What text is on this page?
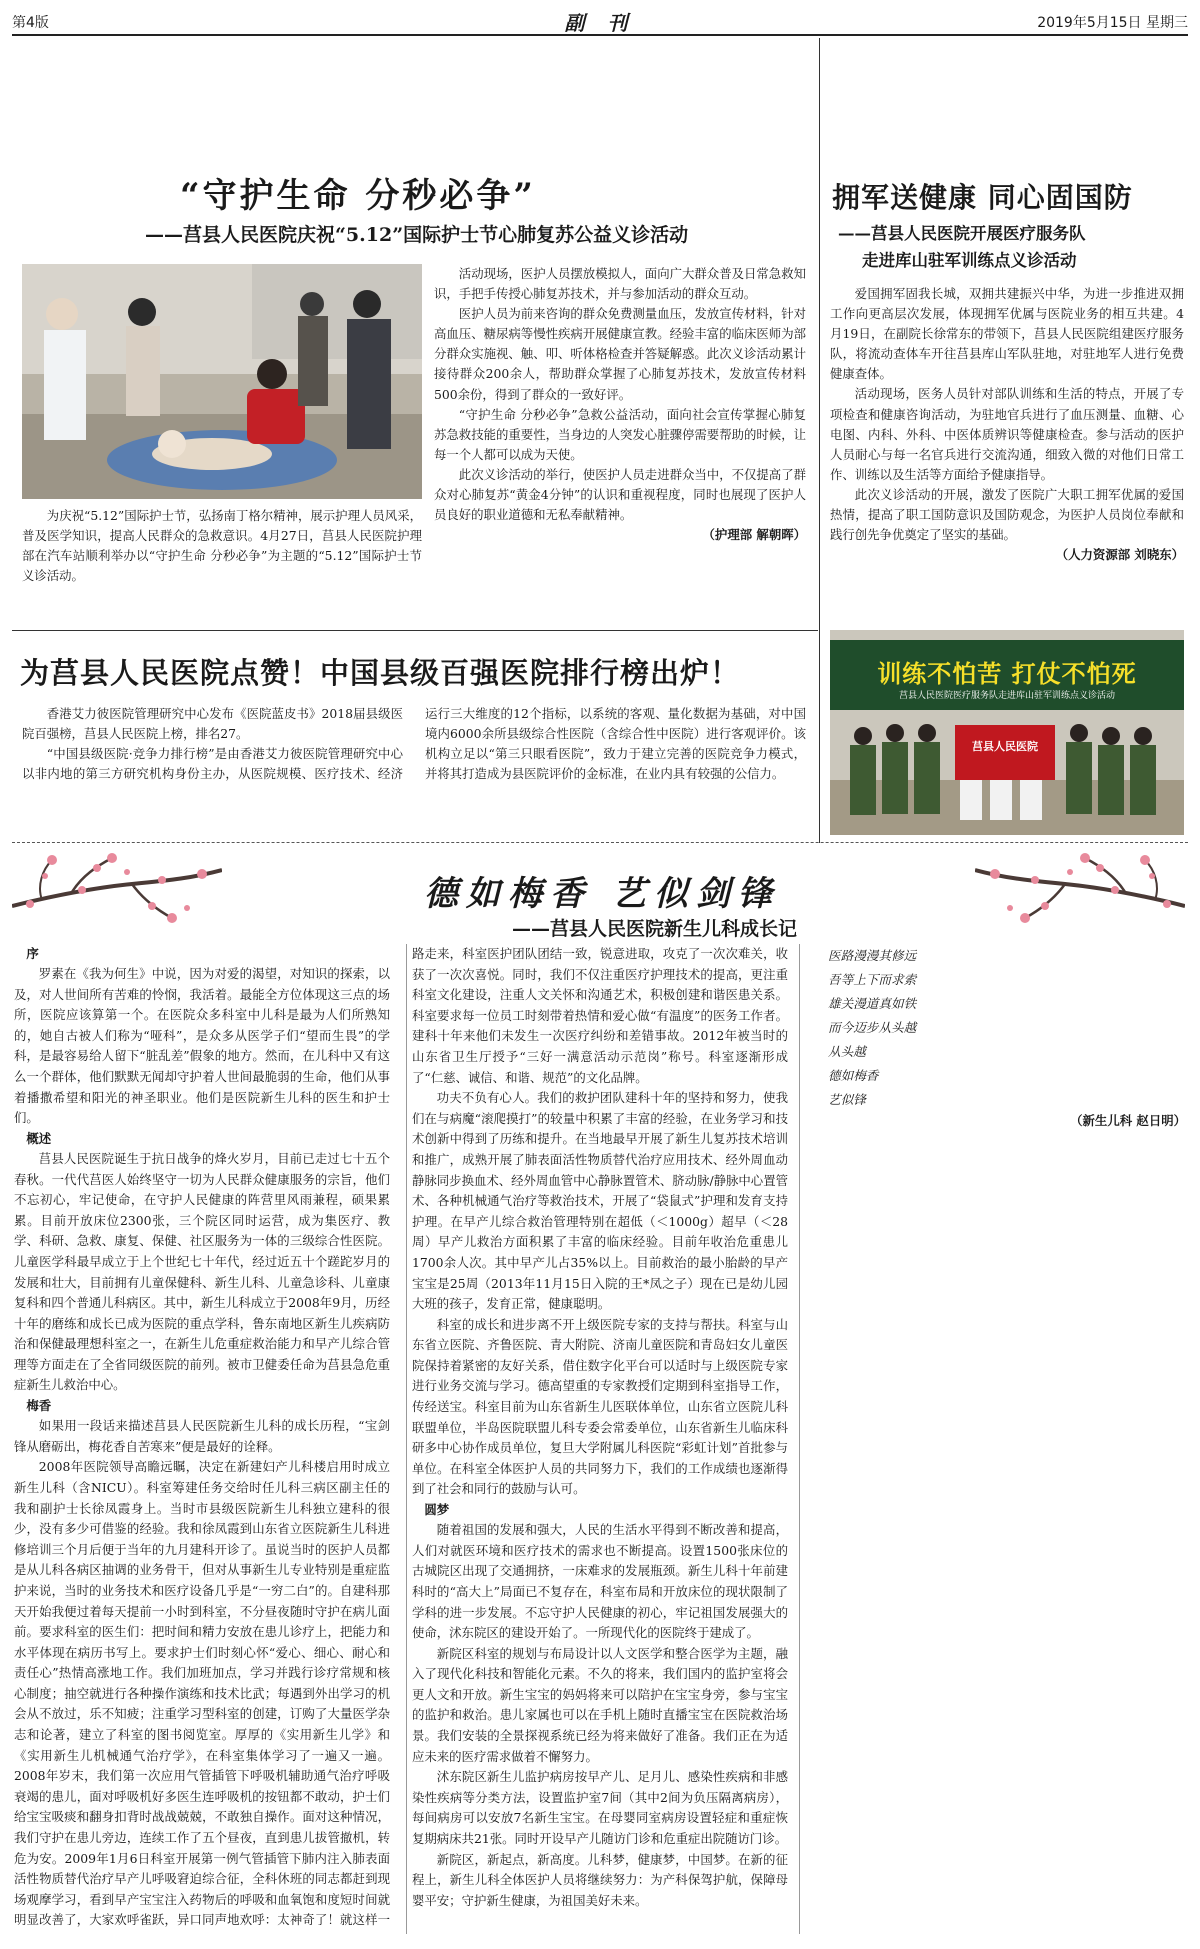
第4版	副 刊	2019年5月15日 星期三
“守护生命 分秒必争”
——莒县人民医院庆祝“5.12”国际护士节心肺复苏公益义诊活动

为庆祝“5.12”国际护士节，弘扬南丁格尔精神，展示护理人员风采，普及医学知识，提高人民群众的急救意识。4月27日，莒县人民医院护理部在汽车站顺利举办以“守护生命 分秒必争”为主题的“5.12”国际护士节义诊活动。

活动现场，医护人员摆放模拟人，面向广大群众普及日常急救知识，手把手传授心肺复苏技术，并与参加活动的群众互动。

医护人员为前来咨询的群众免费测量血压，发放宣传材料，针对高血压、糖尿病等慢性疾病开展健康宣教。经验丰富的临床医师为部分群众实施视、触、叩、听体格检查并答疑解惑。此次义诊活动累计接待群众200余人，帮助群众掌握了心肺复苏技术，发放宣传材料500余份，得到了群众的一致好评。

“守护生命 分秒必争”急救公益活动，面向社会宣传掌握心肺复苏急救技能的重要性，当身边的人突发心脏骤停需要帮助的时候，让每一个人都可以成为天使。

此次义诊活动的举行，使医护人员走进群众当中，不仅提高了群众对心肺复苏“黄金4分钟”的认识和重视程度，同时也展现了医护人员良好的职业道德和无私奉献精神。

（护理部 解朝晖）
为莒县人民医院点赞！中国县级百强医院排行榜出炉！

香港艾力彼医院管理研究中心发布《医院蓝皮书》2018届县级医院百强榜，莒县人民医院上榜，排名27。

“中国县级医院·竞争力排行榜”是由香港艾力彼医院管理研究中心以非内地的第三方研究机构身份主办，从医院规模、医疗技术、经济运行三大维度的12个指标，以系统的客观、量化数据为基础，对中国境内6000余所县级综合性医院（含综合性中医院）进行客观评价。该机构立足以“第三只眼看医院”，致力于建立完善的医院竞争力模式，并将其打造成为县医院评价的金标准，在业内具有较强的公信力。

拥军送健康 同心固国防
——莒县人民医院开展医疗服务队
走进库山驻军训练点义诊活动

爱国拥军固我长城，双拥共建振兴中华，为进一步推进双拥工作向更高层次发展，体现拥军优属与医院业务的相互共建。4月19日，在副院长徐常东的带领下，莒县人民医院组建医疗服务队，将流动查体车开往莒县库山军队驻地，对驻地军人进行免费健康查体。

活动现场，医务人员针对部队训练和生活的特点，开展了专项检查和健康咨询活动，为驻地官兵进行了血压测量、血糖、心电图、内科、外科、中医体质辨识等健康检查。参与活动的医护人员耐心与每一名官兵进行交流沟通，细致入微的对他们日常工作、训练以及生活等方面给予健康指导。

此次义诊活动的开展，激发了医院广大职工拥军优属的爱国热情，提高了职工国防意识及国防观念，为医护人员岗位奉献和践行创先争优奠定了坚实的基础。

（人力资源部 刘晓东）
训练不怕苦 打仗不怕死
莒县人民医院医疗服务队走进库山驻军训练点义诊活动
莒县人民医院
德如梅香 艺似剑锋
——莒县人民医院新生儿科成长记
序

罗素在《我为何生》中说，因为对爱的渴望，对知识的探索，以及，对人世间所有苦难的怜悯，我活着。最能全方位体现这三点的场所，医院应该算第一个。在医院众多科室中儿科是最为人们所熟知的，她自古被人们称为“哑科”，是众多从医学子们“望而生畏”的学科，是最容易给人留下“脏乱差”假象的地方。然而，在儿科中又有这么一个群体，他们默默无闻却守护着人世间最脆弱的生命，他们从事着播撒希望和阳光的神圣职业。他们是医院新生儿科的医生和护士们。

概述

莒县人民医院诞生于抗日战争的烽火岁月，目前已走过七十五个春秋。一代代莒医人始终坚守一切为人民群众健康服务的宗旨，他们不忘初心，牢记使命，在守护人民健康的阵营里风雨兼程，硕果累累。目前开放床位2300张，三个院区同时运营，成为集医疗、教学、科研、急救、康复、保健、社区服务为一体的三级综合性医院。儿童医学科最早成立于上个世纪七十年代，经过近五十个蹉跎岁月的发展和壮大，目前拥有儿童保健科、新生儿科、儿童急诊科、儿童康复科和四个普通儿科病区。其中，新生儿科成立于2008年9月，历经十年的磨练和成长已成为医院的重点学科，鲁东南地区新生儿疾病防治和保健最理想科室之一，在新生儿危重症救治能力和早产儿综合管理等方面走在了全省同级医院的前列。被市卫健委任命为莒县急危重症新生儿救治中心。

梅香

如果用一段话来描述莒县人民医院新生儿科的成长历程，“宝剑锋从磨砺出，梅花香自苦寒来”便是最好的诠释。

2008年医院领导高瞻远瞩，决定在新建妇产儿科楼启用时成立新生儿科（含NICU）。科室筹建任务交给时任儿科三病区副主任的我和副护士长徐凤霞身上。当时市县级医院新生儿科独立建科的很少，没有多少可借鉴的经验。我和徐凤霞到山东省立医院新生儿科进修培训三个月后便于当年的九月建科开诊了。虽说当时的医护人员都是从儿科各病区抽调的业务骨干，但对从事新生儿专业特别是重症监护来说，当时的业务技术和医疗设备几乎是“一穷二白”的。自建科那天开始我便过着每天提前一小时到科室，不分昼夜随时守护在病儿面前。要求科室的医生们：把时间和精力安放在患儿诊疗上，把能力和水平体现在病历书写上。要求护士们时刻心怀“爱心、细心、耐心和责任心”热情高涨地工作。我们加班加点，学习并践行诊疗常规和核心制度；抽空就进行各种操作演练和技术比武；每遇到外出学习的机会从不放过，乐不知疲；注重学习型科室的创建，订购了大量医学杂志和论著，建立了科室的图书阅览室。厚厚的《实用新生儿学》和《实用新生儿机械通气治疗学》，在科室集体学习了一遍又一遍。2008年岁末，我们第一次应用气管插管下呼吸机辅助通气治疗呼吸衰竭的患儿，面对呼吸机好多医生连呼吸机的按钮都不敢动，护士们给宝宝吸痰和翻身扣背时战战兢兢，不敢独自操作。面对这种情况，我们守护在患儿旁边，连续工作了五个昼夜，直到患儿拔管撤机，转危为安。2009年1月6日科室开展第一例气管插管下肺内注入肺表面活性物质替代治疗早产儿呼吸窘迫综合征，全科休班的同志都赶到现场观摩学习，看到早产宝宝注入药物后的呼吸和血氧饱和度短时间就明显改善了，大家欢呼雀跃，异口同声地欢呼：太神奇了！就这样一路走来，科室医护团队团结一致，锐意进取，攻克了一次次难关，收获了一次次喜悦。同时，我们不仅注重医疗护理技术的提高，更注重科室文化建设，注重人文关怀和沟通艺术，积极创建和谐医患关系。科室要求每一位员工时刻带着热情和爱心做“有温度”的医务工作者。建科十年来他们未发生一次医疗纠纷和差错事故。2012年被当时的山东省卫生厅授予“三好一满意活动示范岗”称号。科室逐渐形成了“仁慈、诚信、和谐、规范”的文化品牌。

功夫不负有心人。我们的救护团队建科十年的坚持和努力，使我们在与病魔“滚爬摸打”的较量中积累了丰富的经验，在业务学习和技术创新中得到了历练和提升。在当地最早开展了新生儿复苏技术培训和推广，成熟开展了肺表面活性物质替代治疗应用技术、经外周血动静脉同步换血术、经外周血管中心静脉置管术、脐动脉/静脉中心置管术、各种机械通气治疗等救治技术，开展了“袋鼠式”护理和发育支持护理。在早产儿综合救治管理特别在超低（＜1000g）超早（＜28周）早产儿救治方面积累了丰富的临床经验。目前年收治危重患儿1700余人次。其中早产儿占35%以上。目前救治的最小胎龄的早产宝宝是25周（2013年11月15日入院的王*凤之子）现在已是幼儿园大班的孩子，发育正常，健康聪明。

科室的成长和进步离不开上级医院专家的支持与帮扶。科室与山东省立医院、齐鲁医院、青大附院、济南儿童医院和青岛妇女儿童医院保持着紧密的友好关系，借住数字化平台可以适时与上级医院专家进行业务交流与学习。德高望重的专家教授们定期到科室指导工作，传经送宝。科室目前为山东省新生儿医联体单位，山东省立医院儿科联盟单位，半岛医院联盟儿科专委会常委单位，山东省新生儿临床科研多中心协作成员单位，复旦大学附属儿科医院“彩虹计划”首批参与单位。在科室全体医护人员的共同努力下，我们的工作成绩也逐渐得到了社会和同行的鼓励与认可。

圆梦

随着祖国的发展和强大，人民的生活水平得到不断改善和提高，人们对就医环境和医疗技术的需求也不断提高。设置1500张床位的古城院区出现了交通拥挤，一床难求的发展瓶颈。新生儿科十年前建科时的“高大上”局面已不复存在，科室布局和开放床位的现状限制了学科的进一步发展。不忘守护人民健康的初心，牢记祖国发展强大的使命，沭东院区的建设开始了。一所现代化的医院终于建成了。

新院区科室的规划与布局设计以人文医学和整合医学为主题，融入了现代化科技和智能化元素。不久的将来，我们国内的监护室将会更人文和开放。新生宝宝的妈妈将来可以陪护在宝宝身旁，参与宝宝的监护和救治。患儿家属也可以在手机上随时直播宝宝在医院救治场景。我们安装的全景探视系统已经为将来做好了准备。我们正在为适应未来的医疗需求做着不懈努力。

沭东院区新生儿监护病房按早产儿、足月儿、感染性疾病和非感染性疾病等分类方法，设置监护室7间（其中2间为负压隔离病房），每间病房可以安放7名新生宝宝。在母婴同室病房设置轻症和重症恢复期病床共21张。同时开设早产儿随访门诊和危重症出院随访门诊。

新院区，新起点，新高度。儿科梦，健康梦，中国梦。在新的征程上，新生儿科全体医护人员将继续努力：为产科保驾护航，保障母婴平安；守护新生健康，为祖国美好未来。

医路漫漫其修远
吾等上下而求索
雄关漫道真如铁
而今迈步从头越
从头越
德如梅香
艺似锋
（新生儿科 赵日明）
